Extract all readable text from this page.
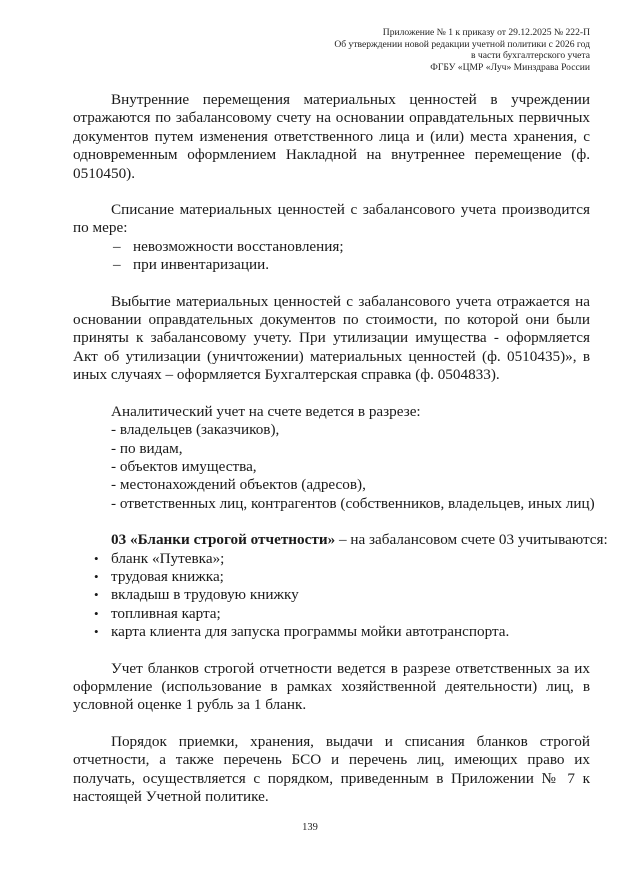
Приложение № 1 к приказу от 29.12.2025 № 222-П
Об утверждении новой редакции учетной политики с 2026 год
в части бухгалтерского учета
ФГБУ «ЦМР «Луч» Минздрава России

Внутренние перемещения материальных ценностей в учреждении отражаются по забалансовому счету на основании оправдательных первичных документов путем изменения ответственного лица и (или) места хранения, с одновременным оформлением Накладной на внутреннее перемещение (ф. 0510450).

Списание материальных ценностей с забалансового учета производится по мере:

– невозможности восстановления;
– при инвентаризации.

Выбытие материальных ценностей с забалансового учета отражается на основании оправдательных документов по стоимости, по которой они были приняты к забалансовому учету. При утилизации имущества - оформляется Акт об утилизации (уничтожении) материальных ценностей (ф. 0510435)», в иных случаях – оформляется Бухгалтерская справка (ф. 0504833).

Аналитический учет на счете ведется в разрезе:
- владельцев (заказчиков),
- по видам,
- объектов имущества,
- местонахождений объектов (адресов),
- ответственных лиц, контрагентов (собственников, владельцев, иных лиц)

03 «Бланки строгой отчетности» – на забалансовом счете 03 учитываются:

• бланк «Путевка»;
• трудовая книжка;
• вкладыш в трудовую книжку
• топливная карта;
• карта клиента для запуска программы мойки автотранспорта.

Учет бланков строгой отчетности ведется в разрезе ответственных за их оформление (использование в рамках хозяйственной деятельности) лиц, в условной оценке 1 рубль за 1 бланк.

Порядок приемки, хранения, выдачи и списания бланков строгой отчетности, а также перечень БСО и перечень лиц, имеющих право их получать, осуществляется с порядком, приведенным в Приложении № 7 к настоящей Учетной политике.

139
